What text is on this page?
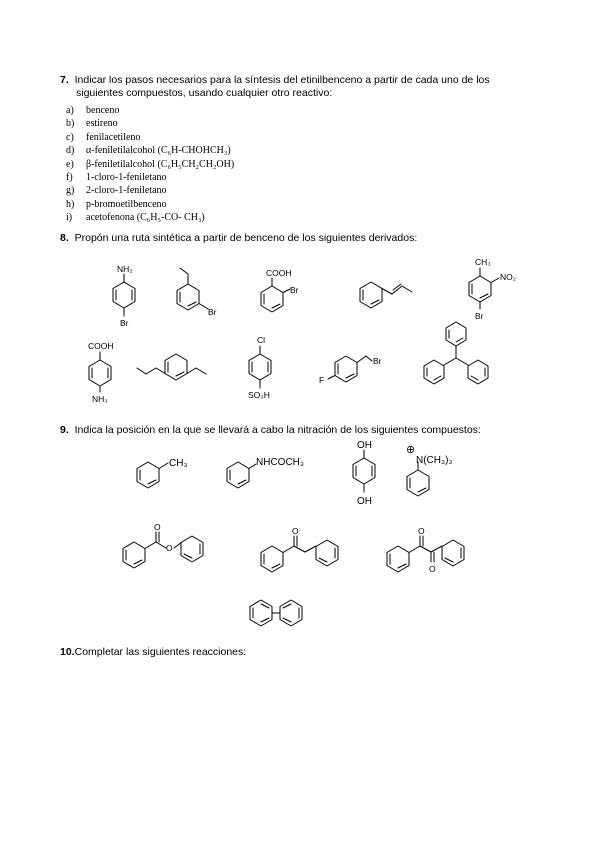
7. Indicar los pasos necesarios para la síntesis del etinilbenceno a partir de cada uno de los
siguientes compuestos, usando cualquier otro reactivo:
a) benceno
b) estireno
c) fenilacetileno
d) α-feniletilalcohol (C₆H-CHOHCH₃)
e) β-feniletilalcohol (C₆H₅CH₂CH₂OH)
f) 1-cloro-1-feniletano
g) 2-cloro-1-feniletano
h) p-bromoetilbenceno
i) acetofenona (C₆H₅-CO- CH₃)
8. Propón una ruta sintética a partir de benceno de los siguientes derivados:
NH₂
Br
Br
COOH
Br
CH₃
NO₂
Br
COOH
NH₃
Cl
SO₃H
F
Br
9. Indica la posición en la que se llevará a cabo la nitración de los siguientes compuestos:
CH₃	NHCOCH₃
OH
OH
⊕
N(CH₃)₃
O
O
O	O
O
10.Completar las siguientes reacciones:
